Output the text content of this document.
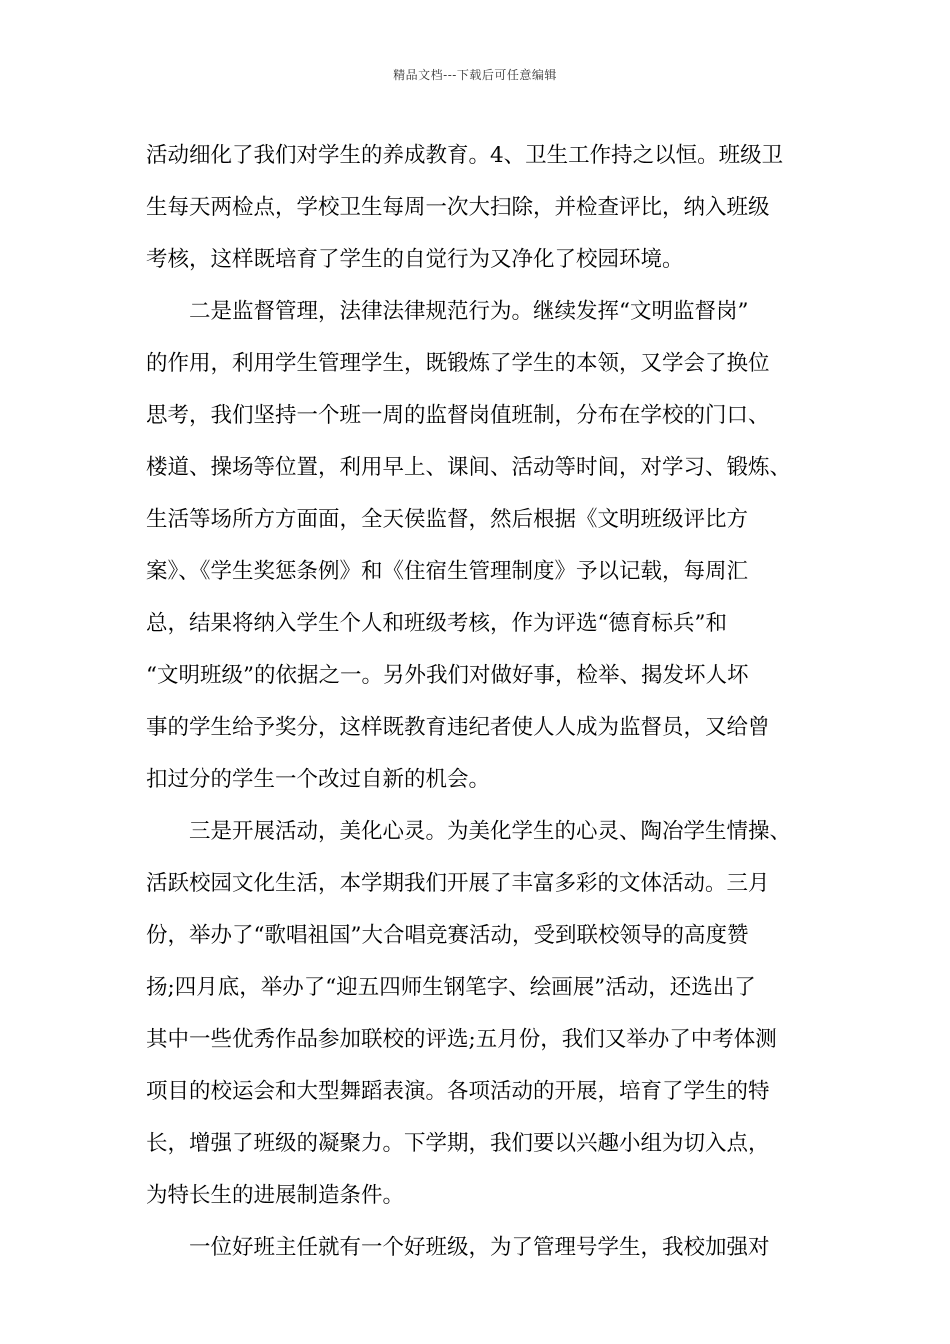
精品文档---下载后可任意编辑
活动细化了我们对学生的养成教育。4、卫生工作持之以恒。班级卫
生每天两检点，学校卫生每周一次大扫除，并检查评比，纳入班级
考核，这样既培育了学生的自觉行为又净化了校园环境。
二是监督管理，法律法律规范行为。继续发挥“文明监督岗”
的作用，利用学生管理学生，既锻炼了学生的本领，又学会了换位
思考，我们坚持一个班一周的监督岗值班制，分布在学校的门口、
楼道、操场等位置，利用早上、课间、活动等时间，对学习、锻炼、
生活等场所方方面面，全天侯监督，然后根据《文明班级评比方
案》、《学生奖惩条例》和《住宿生管理制度》予以记载，每周汇
总，结果将纳入学生个人和班级考核，作为评选“德育标兵”和
“文明班级”的依据之一。另外我们对做好事，检举、揭发坏人坏
事的学生给予奖分，这样既教育违纪者使人人成为监督员，又给曾
扣过分的学生一个改过自新的机会。
三是开展活动，美化心灵。为美化学生的心灵、陶冶学生情操、
活跃校园文化生活，本学期我们开展了丰富多彩的文体活动。三月
份，举办了“歌唱祖国”大合唱竞赛活动，受到联校领导的高度赞
扬;四月底，举办了“迎五四师生钢笔字、绘画展”活动，还选出了
其中一些优秀作品参加联校的评选;五月份，我们又举办了中考体测
项目的校运会和大型舞蹈表演。各项活动的开展，培育了学生的特
长，增强了班级的凝聚力。下学期，我们要以兴趣小组为切入点，
为特长生的进展制造条件。
一位好班主任就有一个好班级，为了管理号学生，我校加强对
